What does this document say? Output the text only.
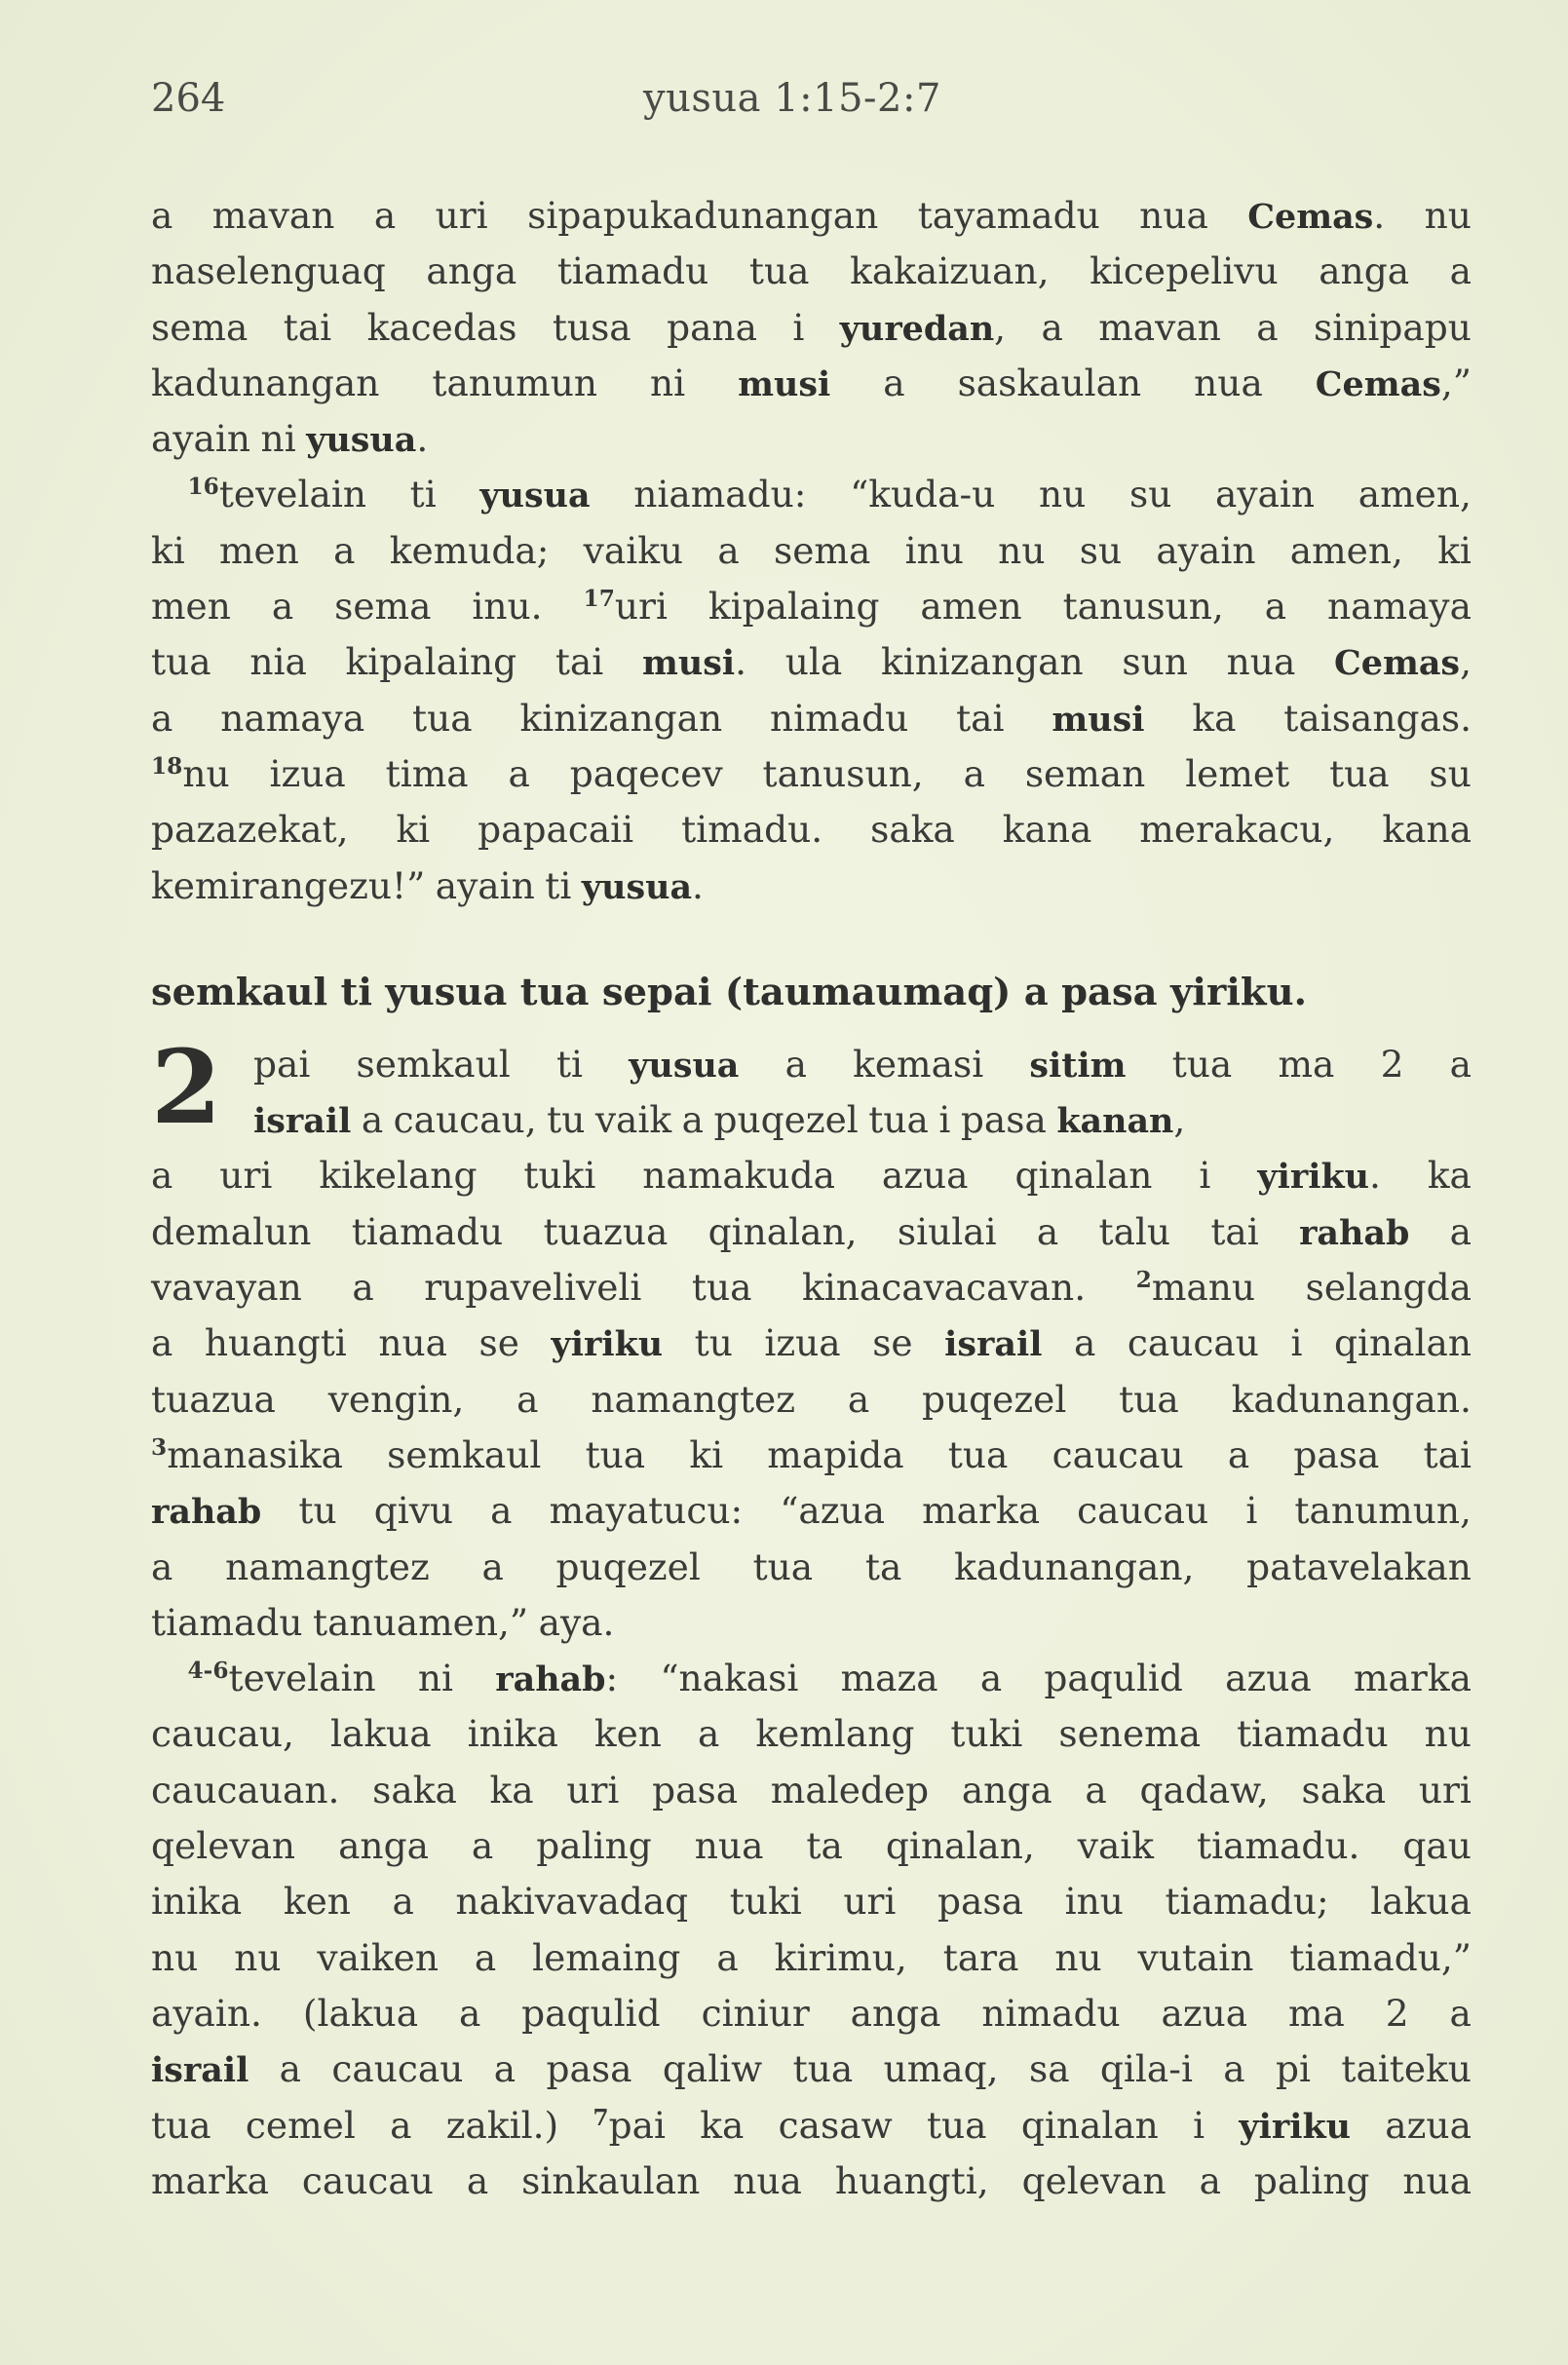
264	yusua 1:15-2:7
a mavan a uri sipapukadunangan tayamadu nua Cemas. nu
naselenguaq anga tiamadu tua kakaizuan, kicepelivu anga a
sema tai kacedas tusa pana i yuredan, a mavan a sinipapu
kadunangan tanumun ni musi a saskaulan nua Cemas,”
ayain ni yusua.
$^{16}$tevelain ti yusua niamadu: “kuda-u nu su ayain amen,
ki men a kemuda; vaiku a sema inu nu su ayain amen, ki
men a sema inu. $^{17}$uri kipalaing amen tanusun, a namaya
tua nia kipalaing tai musi. ula kinizangan sun nua Cemas,
a namaya tua kinizangan nimadu tai musi ka taisangas.
$^{18}$nu izua tima a paqecev tanusun, a seman lemet tua su
pazazekat, ki papacaii timadu. saka kana merakacu, kana
kemirangezu!” ayain ti yusua.
semkaul ti yusua tua sepai (taumaumaq) a pasa yiriku.
2 pai semkaul ti yusua a kemasi sitim tua ma 2 a
israil a caucau, tu vaik a puqezel tua i pasa kanan,
a uri kikelang tuki namakuda azua qinalan i yiriku. ka
demalun tiamadu tuazua qinalan, siulai a talu tai rahab a
vavayan a rupaveliveli tua kinacavacavan. $^2$manu selangda
a huangti nua se yiriku tu izua se israil a caucau i qinalan
tuazua vengin, a namangtez a puqezel tua kadunangan.
$^3$manasika semkaul tua ki mapida tua caucau a pasa tai
rahab tu qivu a mayatucu: “azua marka caucau i tanumun,
a namangtez a puqezel tua ta kadunangan, patavelakan
tiamadu tanuamen,” aya.
$^{4-6}$tevelain ni rahab: “nakasi maza a paqulid azua marka
caucau, lakua inika ken a kemlang tuki senema tiamadu nu
caucauan. saka ka uri pasa maledep anga a qadaw, saka uri
qelevan anga a paling nua ta qinalan, vaik tiamadu. qau
inika ken a nakivavadaq tuki uri pasa inu tiamadu; lakua
nu nu vaiken a lemaing a kirimu, tara nu vutain tiamadu,”
ayain. (lakua a paqulid ciniur anga nimadu azua ma 2 a
israil a caucau a pasa qaliw tua umaq, sa qila-i a pi taiteku
tua cemel a zakil.) $^7$pai ka casaw tua qinalan i yiriku azua
marka caucau a sinkaulan nua huangti, qelevan a paling nua
